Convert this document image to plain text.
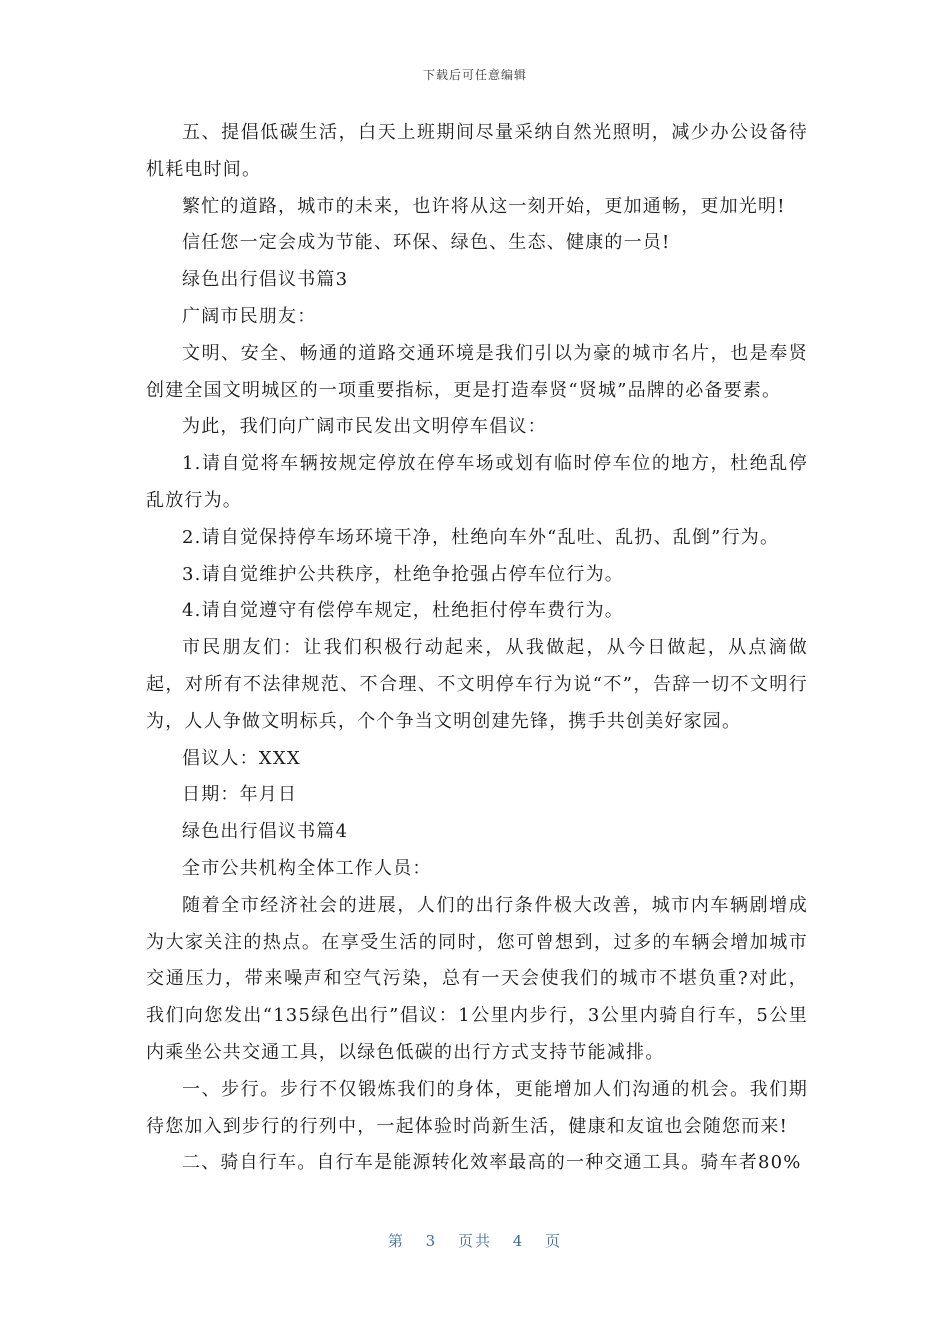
下载后可任意编辑

五、提倡低碳生活，白天上班期间尽量采纳自然光照明，减少办公设备待机耗电时间。

繁忙的道路，城市的未来，也许将从这一刻开始，更加通畅，更加光明!

信任您一定会成为节能、环保、绿色、生态、健康的一员!

绿色出行倡议书篇3

广阔市民朋友：

文明、安全、畅通的道路交通环境是我们引以为豪的城市名片，也是奉贤创建全国文明城区的一项重要指标，更是打造奉贤“贤城”品牌的必备要素。

为此，我们向广阔市民发出文明停车倡议：

1.请自觉将车辆按规定停放在停车场或划有临时停车位的地方，杜绝乱停乱放行为。

2.请自觉保持停车场环境干净，杜绝向车外“乱吐、乱扔、乱倒”行为。

3.请自觉维护公共秩序，杜绝争抢强占停车位行为。

4.请自觉遵守有偿停车规定，杜绝拒付停车费行为。

市民朋友们：让我们积极行动起来，从我做起，从今日做起，从点滴做起，对所有不法律规范、不合理、不文明停车行为说“不”，告辞一切不文明行为，人人争做文明标兵，个个争当文明创建先锋，携手共创美好家园。

倡议人：XXX

日期：年月日

绿色出行倡议书篇4

全市公共机构全体工作人员：

随着全市经济社会的进展，人们的出行条件极大改善，城市内车辆剧增成为大家关注的热点。在享受生活的同时，您可曾想到，过多的车辆会增加城市交通压力，带来噪声和空气污染，总有一天会使我们的城市不堪负重?对此，我们向您发出“135绿色出行”倡议：1公里内步行，3公里内骑自行车，5公里内乘坐公共交通工具，以绿色低碳的出行方式支持节能减排。

一、步行。步行不仅锻炼我们的身体，更能增加人们沟通的机会。我们期待您加入到步行的行列中，一起体验时尚新生活，健康和友谊也会随您而来!

二、骑自行车。自行车是能源转化效率最高的一种交通工具。骑车者80%

第 3 页共 4 页
